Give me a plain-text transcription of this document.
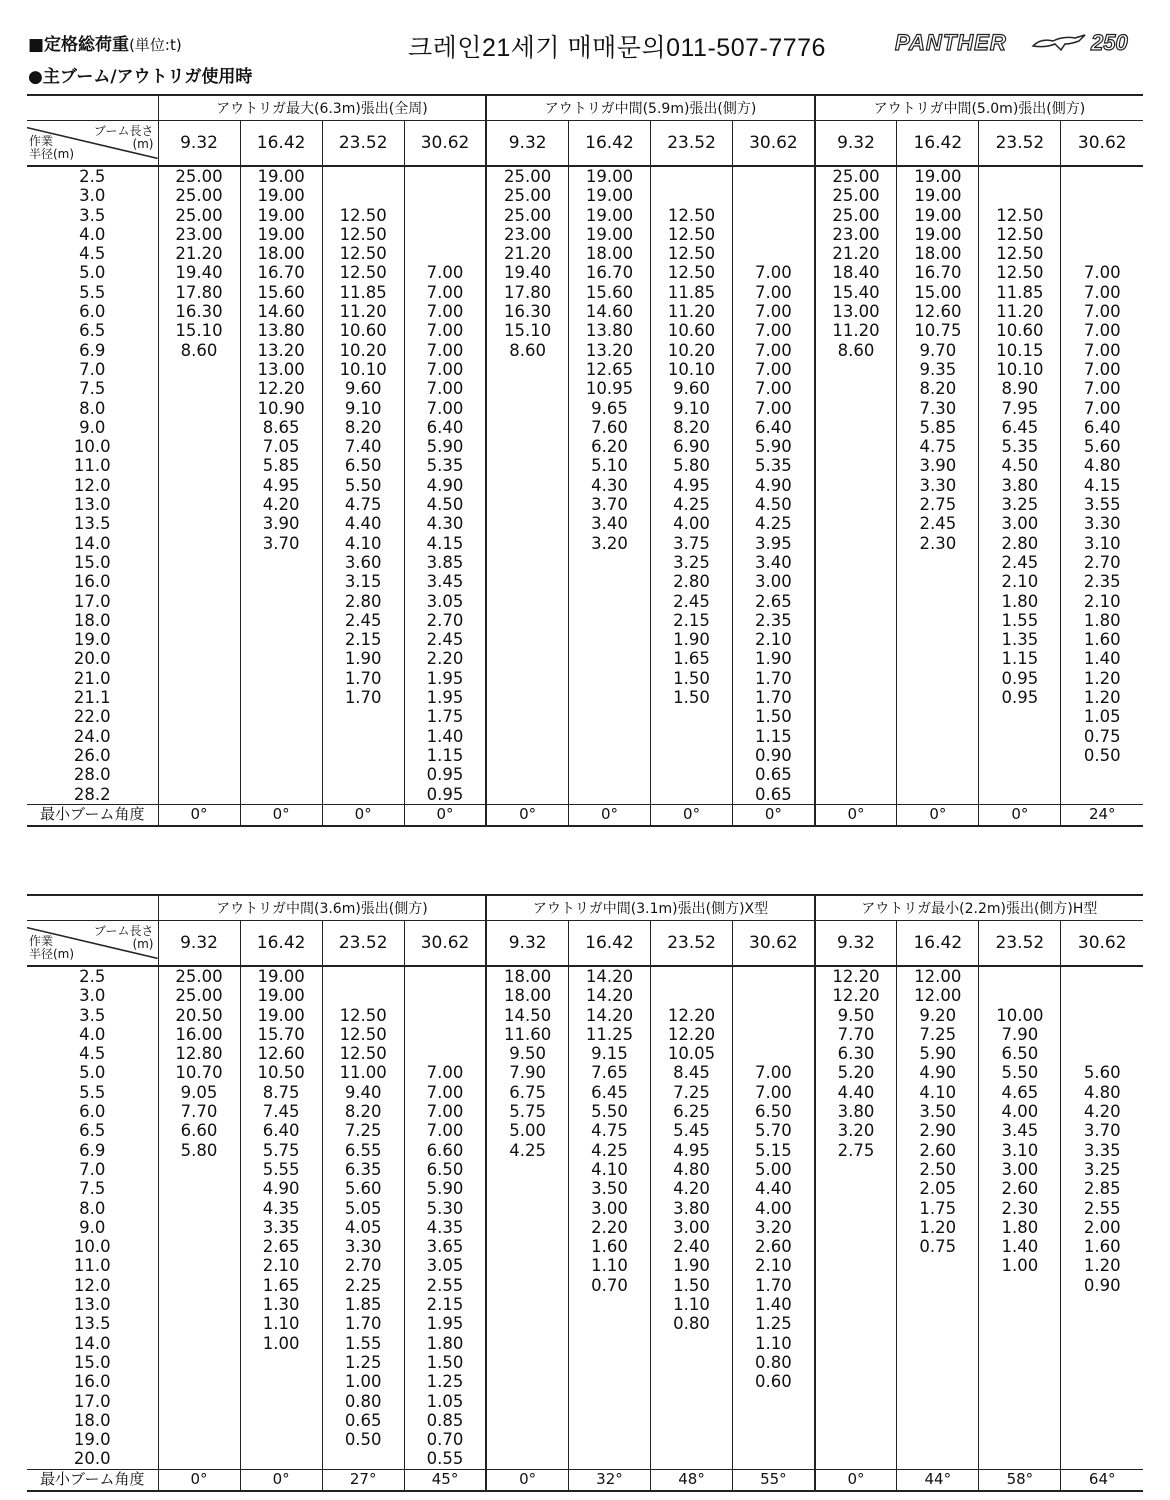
■定格総荷重(単位:t)
●主ブーム/アウトリガ使用時
크레인21세기 매매문의011-507-7776	PANTHER	250
	アウトリガ最大(6.3m)張出(全周)				アウトリガ中間(5.9m)張出(側方)				アウトリガ中間(5.0m)張出(側方)			

ブーム長さ
(m)
作業
半径(m)	9.32	16.42	23.52	30.62	9.32	16.42	23.52	30.62	9.32	16.42	23.52	30.62
2.5	25.00	19.00			25.00	19.00			25.00	19.00		
3.0	25.00	19.00			25.00	19.00			25.00	19.00		
3.5	25.00	19.00	12.50		25.00	19.00	12.50		25.00	19.00	12.50	
4.0	23.00	19.00	12.50		23.00	19.00	12.50		23.00	19.00	12.50	
4.5	21.20	18.00	12.50		21.20	18.00	12.50		21.20	18.00	12.50	
5.0	19.40	16.70	12.50	7.00	19.40	16.70	12.50	7.00	18.40	16.70	12.50	7.00
5.5	17.80	15.60	11.85	7.00	17.80	15.60	11.85	7.00	15.40	15.00	11.85	7.00
6.0	16.30	14.60	11.20	7.00	16.30	14.60	11.20	7.00	13.00	12.60	11.20	7.00
6.5	15.10	13.80	10.60	7.00	15.10	13.80	10.60	7.00	11.20	10.75	10.60	7.00
6.9	8.60	13.20	10.20	7.00	8.60	13.20	10.20	7.00	8.60	9.70	10.15	7.00
7.0		13.00	10.10	7.00		12.65	10.10	7.00		9.35	10.10	7.00
7.5		12.20	9.60	7.00		10.95	9.60	7.00		8.20	8.90	7.00
8.0		10.90	9.10	7.00		9.65	9.10	7.00		7.30	7.95	7.00
9.0		8.65	8.20	6.40		7.60	8.20	6.40		5.85	6.45	6.40
10.0		7.05	7.40	5.90		6.20	6.90	5.90		4.75	5.35	5.60
11.0		5.85	6.50	5.35		5.10	5.80	5.35		3.90	4.50	4.80
12.0		4.95	5.50	4.90		4.30	4.95	4.90		3.30	3.80	4.15
13.0		4.20	4.75	4.50		3.70	4.25	4.50		2.75	3.25	3.55
13.5		3.90	4.40	4.30		3.40	4.00	4.25		2.45	3.00	3.30
14.0		3.70	4.10	4.15		3.20	3.75	3.95		2.30	2.80	3.10
15.0			3.60	3.85			3.25	3.40			2.45	2.70
16.0			3.15	3.45			2.80	3.00			2.10	2.35
17.0			2.80	3.05			2.45	2.65			1.80	2.10
18.0			2.45	2.70			2.15	2.35			1.55	1.80
19.0			2.15	2.45			1.90	2.10			1.35	1.60
20.0			1.90	2.20			1.65	1.90			1.15	1.40
21.0			1.70	1.95			1.50	1.70			0.95	1.20
21.1			1.70	1.95			1.50	1.70			0.95	1.20
22.0				1.75				1.50				1.05
24.0				1.40				1.15				0.75
26.0				1.15				0.90				0.50
28.0				0.95				0.65				
28.2				0.95				0.65				
最小ブーム角度	0°	0°	0°	0°	0°	0°	0°	0°	0°	0°	0°	24°
	アウトリガ中間(3.6m)張出(側方)				アウトリガ中間(3.1m)張出(側方)X型				アウトリガ最小(2.2m)張出(側方)H型			

ブーム長さ
(m)
作業
半径(m)	9.32	16.42	23.52	30.62	9.32	16.42	23.52	30.62	9.32	16.42	23.52	30.62
2.5	25.00	19.00			18.00	14.20			12.20	12.00		
3.0	25.00	19.00			18.00	14.20			12.20	12.00		
3.5	20.50	19.00	12.50		14.50	14.20	12.20		9.50	9.20	10.00	
4.0	16.00	15.70	12.50		11.60	11.25	12.20		7.70	7.25	7.90	
4.5	12.80	12.60	12.50		9.50	9.15	10.05		6.30	5.90	6.50	
5.0	10.70	10.50	11.00	7.00	7.90	7.65	8.45	7.00	5.20	4.90	5.50	5.60
5.5	9.05	8.75	9.40	7.00	6.75	6.45	7.25	7.00	4.40	4.10	4.65	4.80
6.0	7.70	7.45	8.20	7.00	5.75	5.50	6.25	6.50	3.80	3.50	4.00	4.20
6.5	6.60	6.40	7.25	7.00	5.00	4.75	5.45	5.70	3.20	2.90	3.45	3.70
6.9	5.80	5.75	6.55	6.60	4.25	4.25	4.95	5.15	2.75	2.60	3.10	3.35
7.0		5.55	6.35	6.50		4.10	4.80	5.00		2.50	3.00	3.25
7.5		4.90	5.60	5.90		3.50	4.20	4.40		2.05	2.60	2.85
8.0		4.35	5.05	5.30		3.00	3.80	4.00		1.75	2.30	2.55
9.0		3.35	4.05	4.35		2.20	3.00	3.20		1.20	1.80	2.00
10.0		2.65	3.30	3.65		1.60	2.40	2.60		0.75	1.40	1.60
11.0		2.10	2.70	3.05		1.10	1.90	2.10			1.00	1.20
12.0		1.65	2.25	2.55		0.70	1.50	1.70				0.90
13.0		1.30	1.85	2.15			1.10	1.40				
13.5		1.10	1.70	1.95			0.80	1.25				
14.0		1.00	1.55	1.80				1.10				
15.0			1.25	1.50				0.80				
16.0			1.00	1.25				0.60				
17.0			0.80	1.05								
18.0			0.65	0.85								
19.0			0.50	0.70								
20.0				0.55								
最小ブーム角度	0°	0°	27°	45°	0°	32°	48°	55°	0°	44°	58°	64°
